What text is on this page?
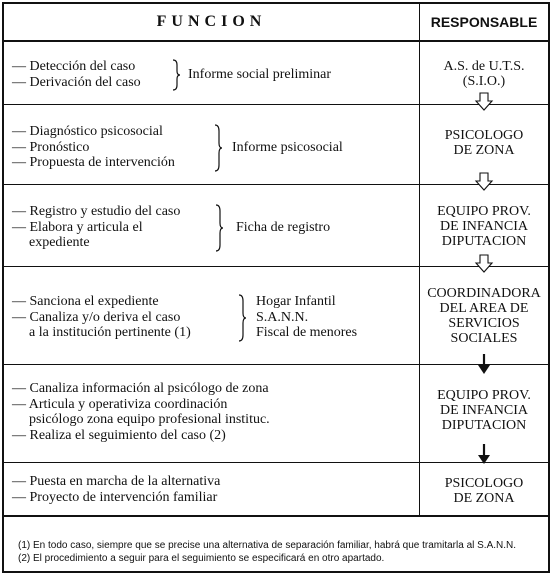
FUNCION	RESPONSABLE
— Detección del caso
— Derivación del caso	Informe social preliminar
A.S. de U.T.S.
(S.I.O.)
— Diagnóstico psicosocial
— Pronóstico
— Propuesta de intervención
Informe psicosocial
PSICOLOGO
DE ZONA
— Registro y estudio del caso
— Elabora y articula el
expediente
Ficha de registro
EQUIPO PROV.
DE INFANCIA
DIPUTACION
— Sanciona el expediente
— Canaliza y/o deriva el caso
a la institución pertinente (1)
Hogar Infantil
S.A.N.N.
Fiscal de menores
COORDINADORA
DEL AREA DE
SERVICIOS
SOCIALES
— Canaliza información al psicólogo de zona
— Articula y operativiza coordinación
psicólogo zona equipo profesional instituc.
— Realiza el seguimiento del caso (2)
EQUIPO PROV.
DE INFANCIA
DIPUTACION
— Puesta en marcha de la alternativa
— Proyecto de intervención familiar
PSICOLOGO
DE ZONA
(1) En todo caso, siempre que se precise una alternativa de separación familiar, habrá que tramitarla al S.A.N.N.
(2) El procedimiento a seguir para el seguimiento se especificará en otro apartado.
